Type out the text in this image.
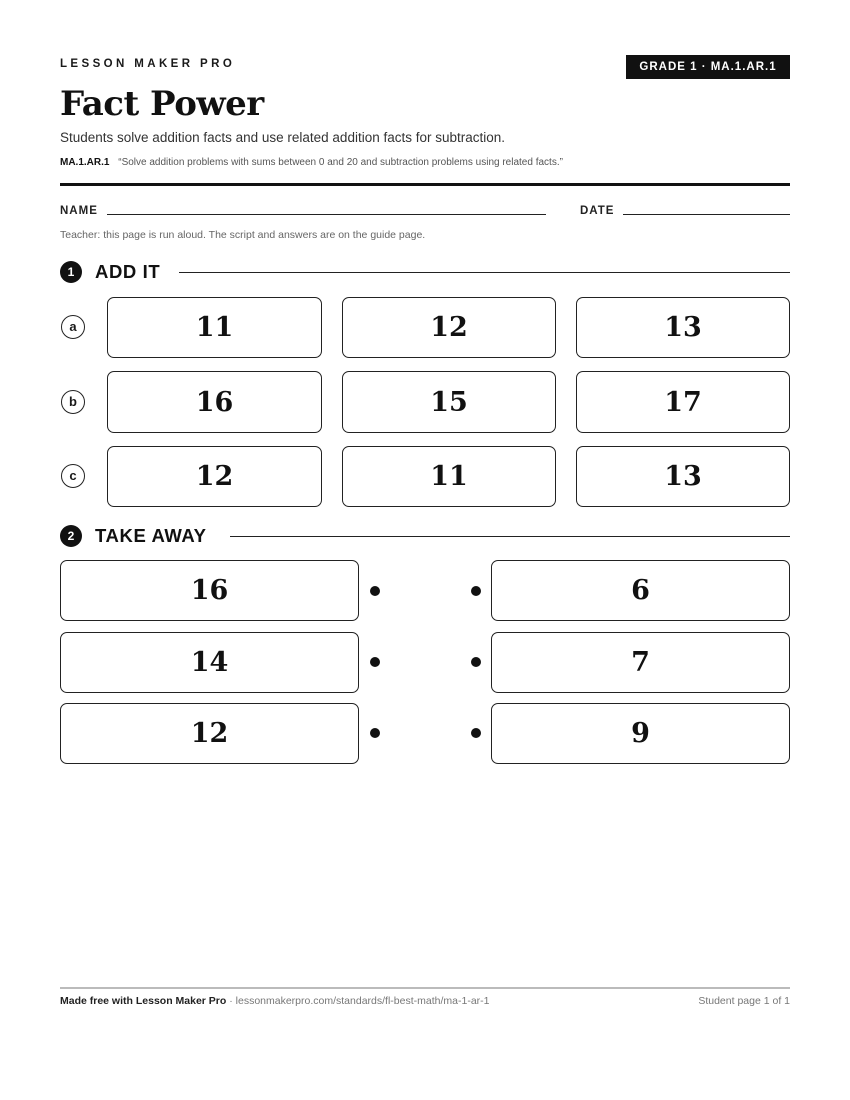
LESSON MAKER PRO	GRADE 1 · MA.1.AR.1
Fact Power
Students solve addition facts and use related addition facts for subtraction.
MA.1.AR.1 “Solve addition problems with sums between 0 and 20 and subtraction problems using related facts.”
NAME	DATE
Teacher: this page is run aloud. The script and answers are on the guide page.
1	ADD IT
a	11	12	13
b	16	15	17
c	12	11	13
2	TAKE AWAY
16	6
14	7
12	9
Made free with Lesson Maker Pro · lessonmakerpro.com/standards/fl-best-math/ma-1-ar-1	Student page 1 of 1
